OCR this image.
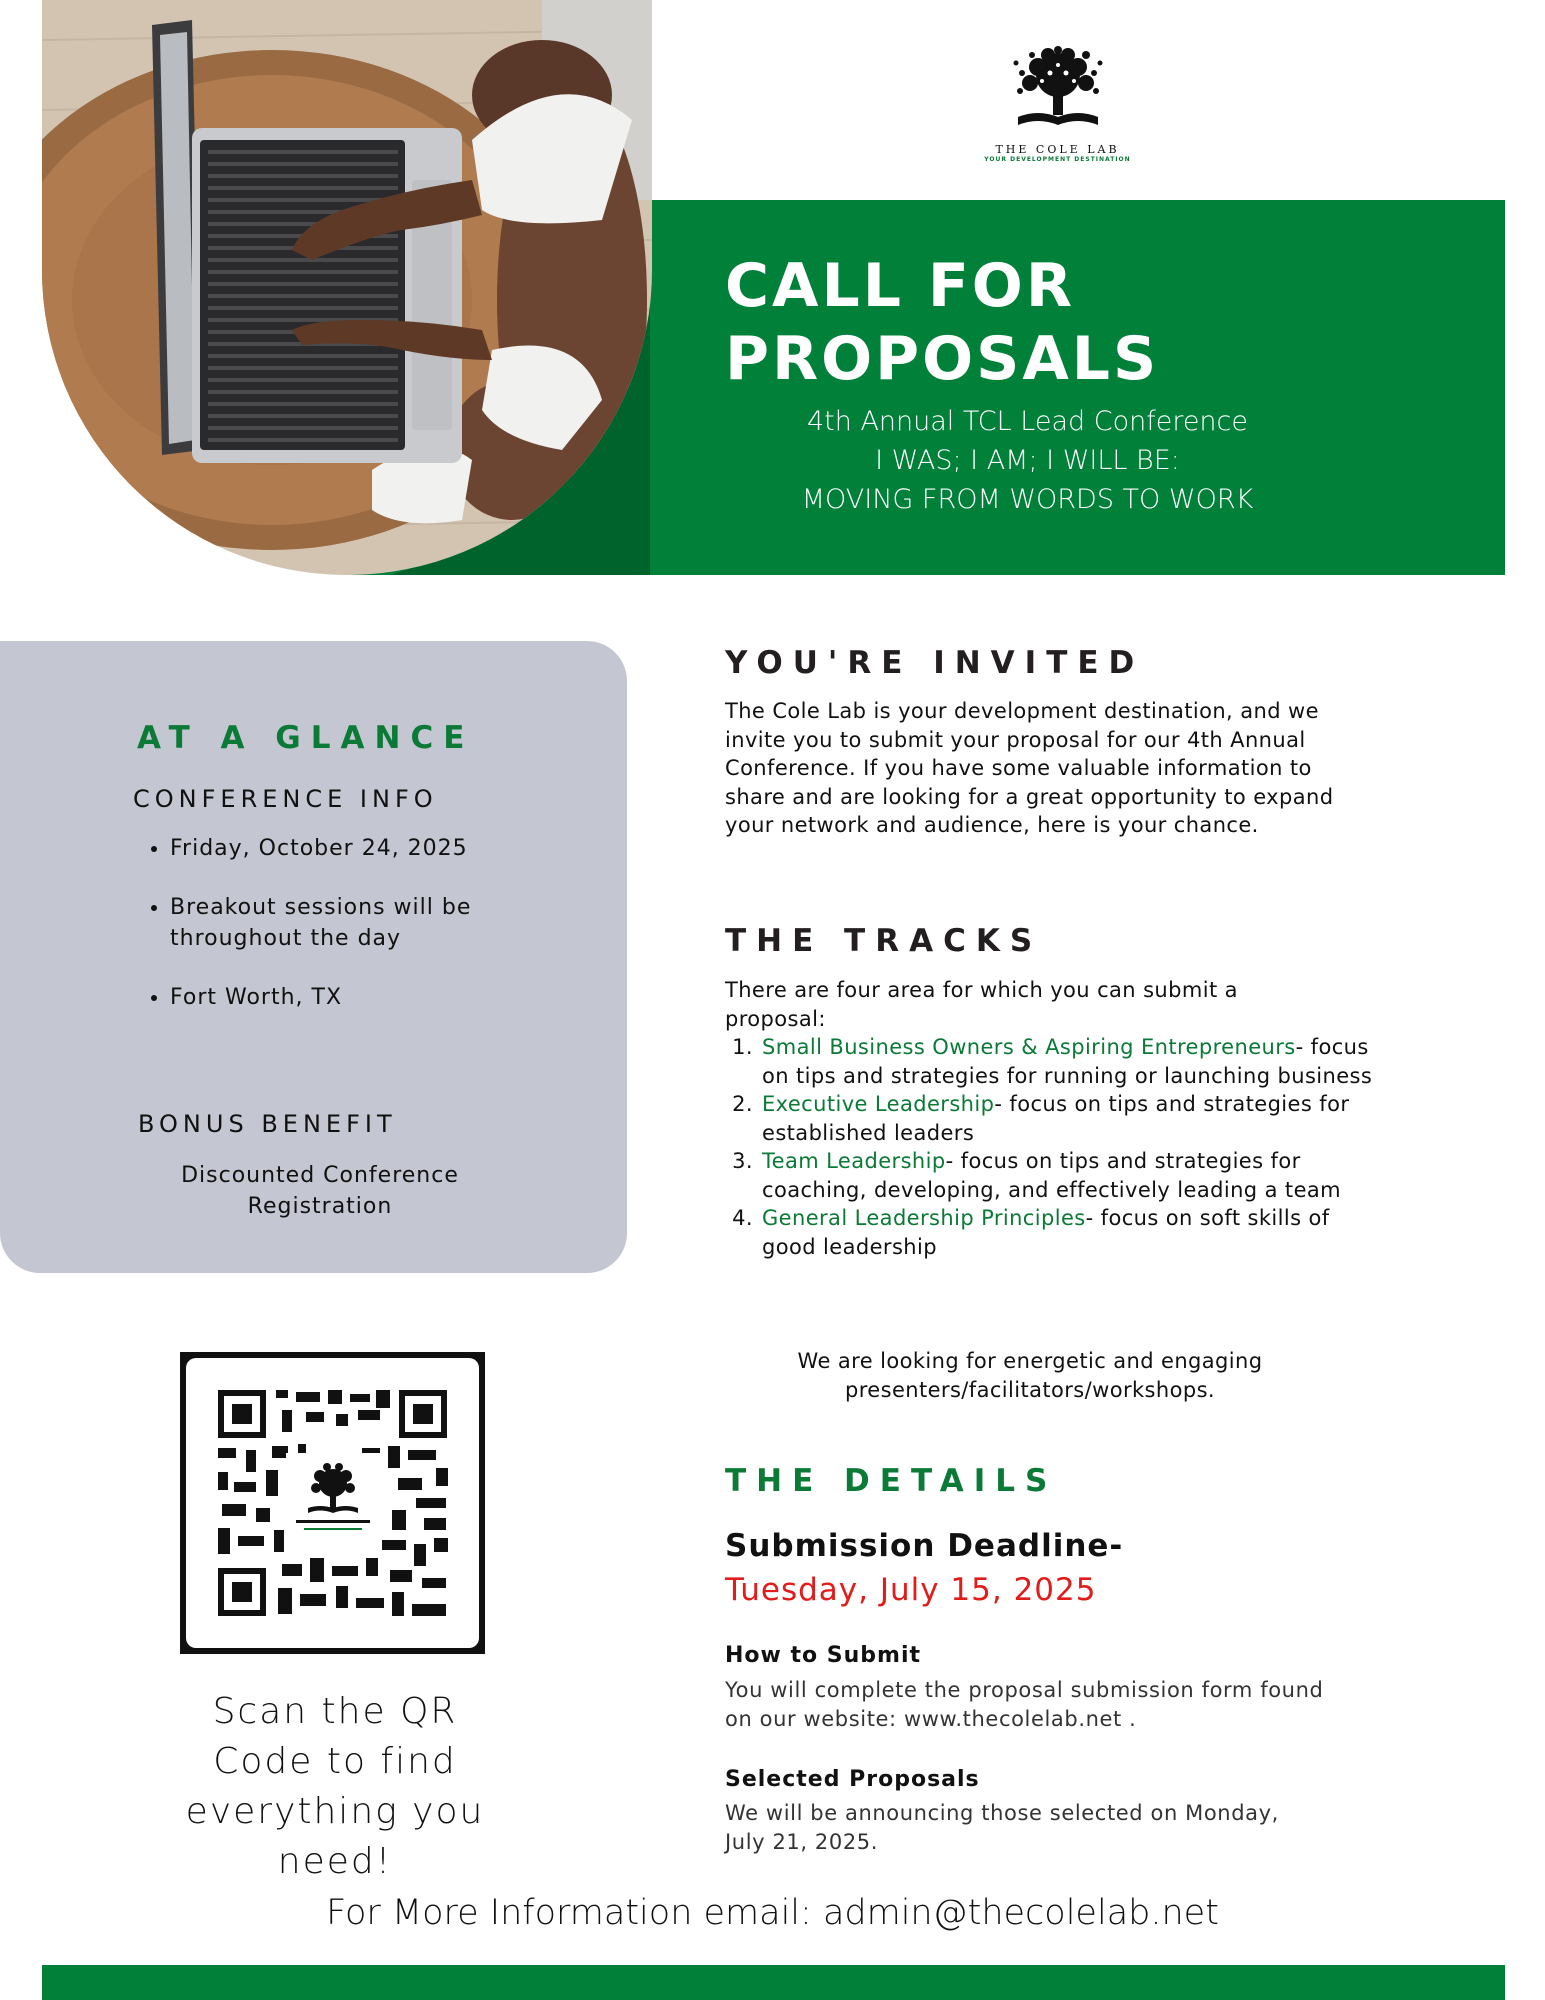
THE COLE LAB
YOUR DEVELOPMENT DESTINATION
CALL FOR
PROPOSALS
4th Annual TCL Lead Conference
I WAS; I AM; I WILL BE:
MOVING FROM WORDS TO WORK
AT A GLANCE
CONFERENCE INFO
• Friday, October 24, 2025
• Breakout sessions will be throughout the day
• Fort Worth, TX
BONUS BENEFIT
Discounted Conference Registration
Scan the QR Code to find everything you need!
YOU'RE INVITED
The Cole Lab is your development destination, and we invite you to submit your proposal for our 4th Annual Conference. If you have some valuable information to share and are looking for a great opportunity to expand your network and audience, here is your chance.
THE TRACKS
There are four area for which you can submit a proposal:
1. Small Business Owners & Aspiring Entrepreneurs- focus on tips and strategies for running or launching business
2. Executive Leadership- focus on tips and strategies for established leaders
3. Team Leadership- focus on tips and strategies for coaching, developing, and effectively leading a team
4. General Leadership Principles- focus on soft skills of good leadership
We are looking for energetic and engaging presenters/facilitators/workshops.
THE DETAILS
Submission Deadline-
Tuesday, July 15, 2025
How to Submit
You will complete the proposal submission form found on our website: www.thecolelab.net .
Selected Proposals
We will be announcing those selected on Monday, July 21, 2025.
For More Information email: admin@thecolelab.net
